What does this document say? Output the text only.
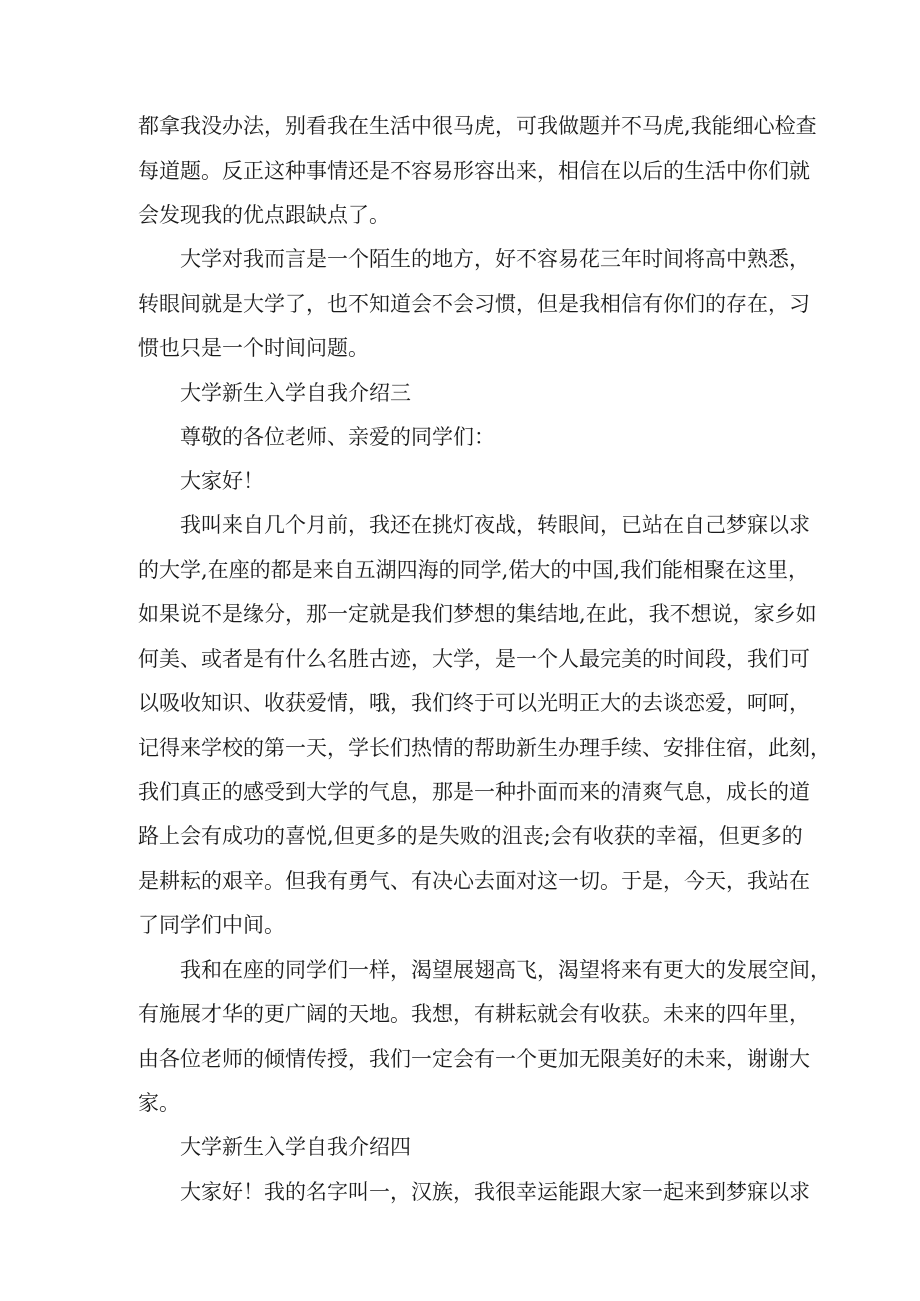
都拿我没办法，别看我在生活中很马虎，可我做题并不马虎,我能细心检查
每道题。反正这种事情还是不容易形容出来，相信在以后的生活中你们就
会发现我的优点跟缺点了。
大学对我而言是一个陌生的地方，好不容易花三年时间将高中熟悉，
转眼间就是大学了，也不知道会不会习惯，但是我相信有你们的存在，习
惯也只是一个时间问题。
大学新生入学自我介绍三
尊敬的各位老师、亲爱的同学们：
大家好！
我叫来自几个月前，我还在挑灯夜战，转眼间，已站在自己梦寐以求
的大学,在座的都是来自五湖四海的同学,偌大的中国,我们能相聚在这里，
如果说不是缘分，那一定就是我们梦想的集结地,在此，我不想说，家乡如
何美、或者是有什么名胜古迹，大学，是一个人最完美的时间段，我们可
以吸收知识、收获爱情，哦，我们终于可以光明正大的去谈恋爱，呵呵，
记得来学校的第一天，学长们热情的帮助新生办理手续、安排住宿，此刻，
我们真正的感受到大学的气息，那是一种扑面而来的清爽气息，成长的道
路上会有成功的喜悦,但更多的是失败的沮丧;会有收获的幸福，但更多的
是耕耘的艰辛。但我有勇气、有决心去面对这一切。于是，今天，我站在
了同学们中间。
我和在座的同学们一样，渴望展翅高飞，渴望将来有更大的发展空间，
有施展才华的更广阔的天地。我想，有耕耘就会有收获。未来的四年里，
由各位老师的倾情传授，我们一定会有一个更加无限美好的未来，谢谢大
家。
大学新生入学自我介绍四
大家好！我的名字叫一，汉族，我很幸运能跟大家一起来到梦寐以求
